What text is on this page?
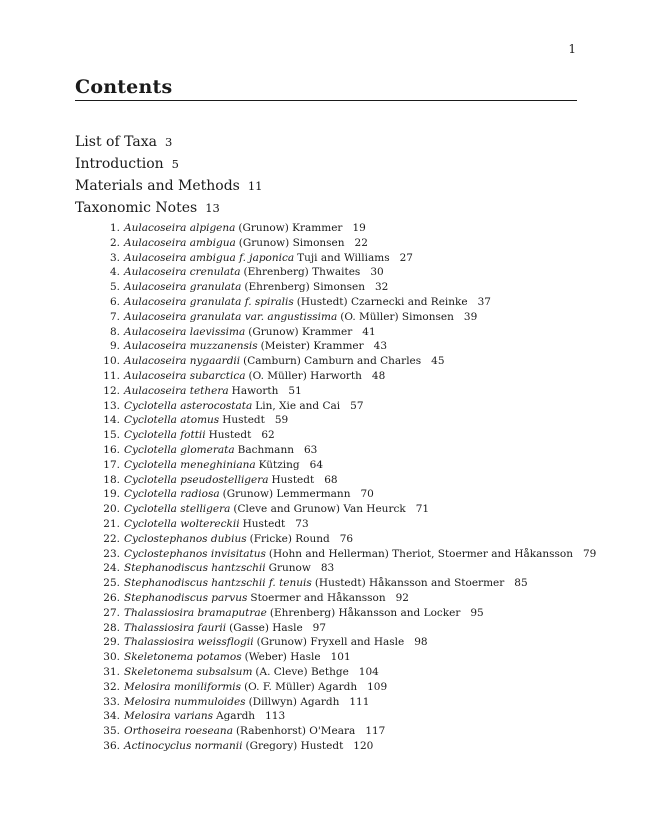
1
Contents
List of Taxa 3
Introduction 5
Materials and Methods 11
Taxonomic Notes 13
1. Aulacoseira alpigena (Grunow) Krammer 19
2. Aulacoseira ambigua (Grunow) Simonsen 22
3. Aulacoseira ambigua f. japonica Tuji and Williams 27
4. Aulacoseira crenulata (Ehrenberg) Thwaites 30
5. Aulacoseira granulata (Ehrenberg) Simonsen 32
6. Aulacoseira granulata f. spiralis (Hustedt) Czarnecki and Reinke 37
7. Aulacoseira granulata var. angustissima (O. Müller) Simonsen 39
8. Aulacoseira laevissima (Grunow) Krammer 41
9. Aulacoseira muzzanensis (Meister) Krammer 43
10. Aulacoseira nygaardii (Camburn) Camburn and Charles 45
11. Aulacoseira subarctica (O. Müller) Harworth 48
12. Aulacoseira tethera Haworth 51
13. Cyclotella asterocostata Lin, Xie and Cai 57
14. Cyclotella atomus Hustedt 59
15. Cyclotella fottii Hustedt 62
16. Cyclotella glomerata Bachmann 63
17. Cyclotella meneghiniana Kützing 64
18. Cyclotella pseudostelligera Hustedt 68
19. Cyclotella radiosa (Grunow) Lemmermann 70
20. Cyclotella stelligera (Cleve and Grunow) Van Heurck 71
21. Cyclotella woltereckii Hustedt 73
22. Cyclostephanos dubius (Fricke) Round 76
23. Cyclostephanos invisitatus (Hohn and Hellerman) Theriot, Stoermer and Håkansson 79
24. Stephanodiscus hantzschii Grunow 83
25. Stephanodiscus hantzschii f. tenuis (Hustedt) Håkansson and Stoermer 85
26. Stephanodiscus parvus Stoermer and Håkansson 92
27. Thalassiosira bramaputrae (Ehrenberg) Håkansson and Locker 95
28. Thalassiosira faurii (Gasse) Hasle 97
29. Thalassiosira weissflogii (Grunow) Fryxell and Hasle 98
30. Skeletonema potamos (Weber) Hasle 101
31. Skeletonema subsalsum (A. Cleve) Bethge 104
32. Melosira moniliformis (O. F. Müller) Agardh 109
33. Melosira nummuloides (Dillwyn) Agardh 111
34. Melosira varians Agardh 113
35. Orthoseira roeseana (Rabenhorst) O'Meara 117
36. Actinocyclus normanii (Gregory) Hustedt 120
